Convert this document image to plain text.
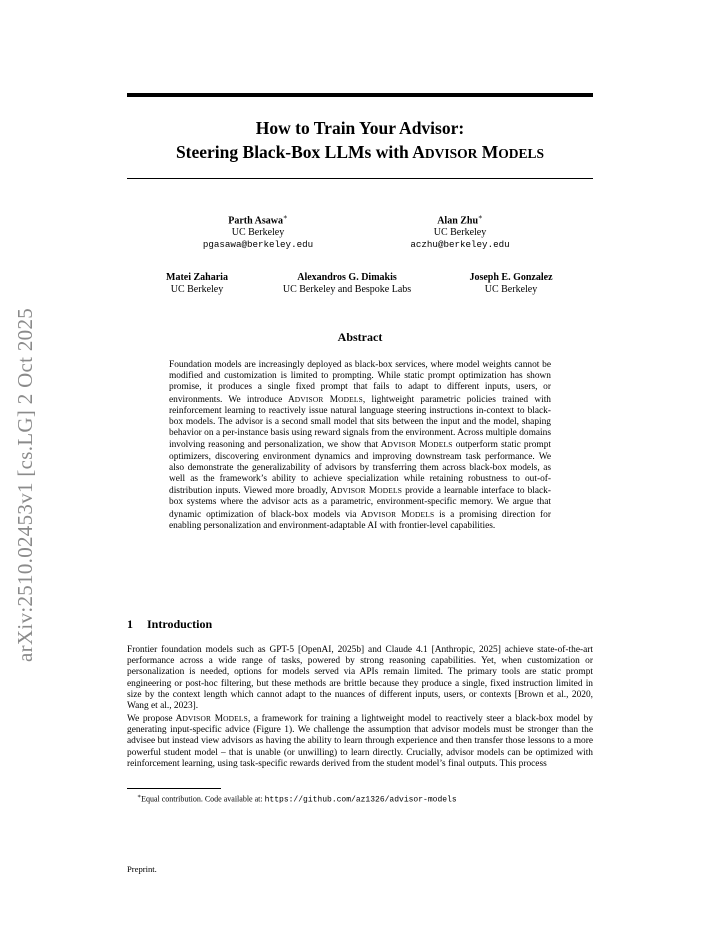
arXiv:2510.02453v1 [cs.LG] 2 Oct 2025
How to Train Your Advisor:
Steering Black-Box LLMs with ADVISOR MODELS
Parth Asawa∗
UC Berkeley
pgasawa@berkeley.edu
Alan Zhu∗
UC Berkeley
aczhu@berkeley.edu
Matei Zaharia
UC Berkeley
Alexandros G. Dimakis
UC Berkeley and Bespoke Labs
Joseph E. Gonzalez
UC Berkeley
Abstract
Foundation models are increasingly deployed as black-box services, where model weights cannot be modified and customization is limited to prompting. While static prompt optimization has shown promise, it produces a single fixed prompt that fails to adapt to different inputs, users, or environments. We introduce ADVISOR MODELS, lightweight parametric policies trained with reinforcement learning to reactively issue natural language steering instructions in-context to black-box models. The advisor is a second small model that sits between the input and the model, shaping behavior on a per-instance basis using reward signals from the environment. Across multiple domains involving reasoning and personalization, we show that ADVISOR MODELS outperform static prompt optimizers, discovering environment dynamics and improving downstream task performance. We also demonstrate the generalizability of advisors by transferring them across black-box models, as well as the framework’s ability to achieve specialization while retaining robustness to out-of-distribution inputs. Viewed more broadly, ADVISOR MODELS provide a learnable interface to black-box systems where the advisor acts as a parametric, environment-specific memory. We argue that dynamic optimization of black-box models via ADVISOR MODELS is a promising direction for enabling personalization and environment-adaptable AI with frontier-level capabilities.
1 Introduction
Frontier foundation models such as GPT-5 [OpenAI, 2025b] and Claude 4.1 [Anthropic, 2025] achieve state-of-the-art performance across a wide range of tasks, powered by strong reasoning capabilities. Yet, when customization or personalization is needed, options for models served via APIs remain limited. The primary tools are static prompt engineering or post-hoc filtering, but these methods are brittle because they produce a single, fixed instruction limited in size by the context length which cannot adapt to the nuances of different inputs, users, or contexts [Brown et al., 2020, Wang et al., 2023].
We propose ADVISOR MODELS, a framework for training a lightweight model to reactively steer a black-box model by generating input-specific advice (Figure 1). We challenge the assumption that advisor models must be stronger than the advisee but instead view advisors as having the ability to learn through experience and then transfer those lessons to a more powerful student model – that is unable (or unwilling) to learn directly. Crucially, advisor models can be optimized with reinforcement learning, using task-specific rewards derived from the student model’s final outputs. This process
∗Equal contribution. Code available at: https://github.com/az1326/advisor-models
Preprint.
